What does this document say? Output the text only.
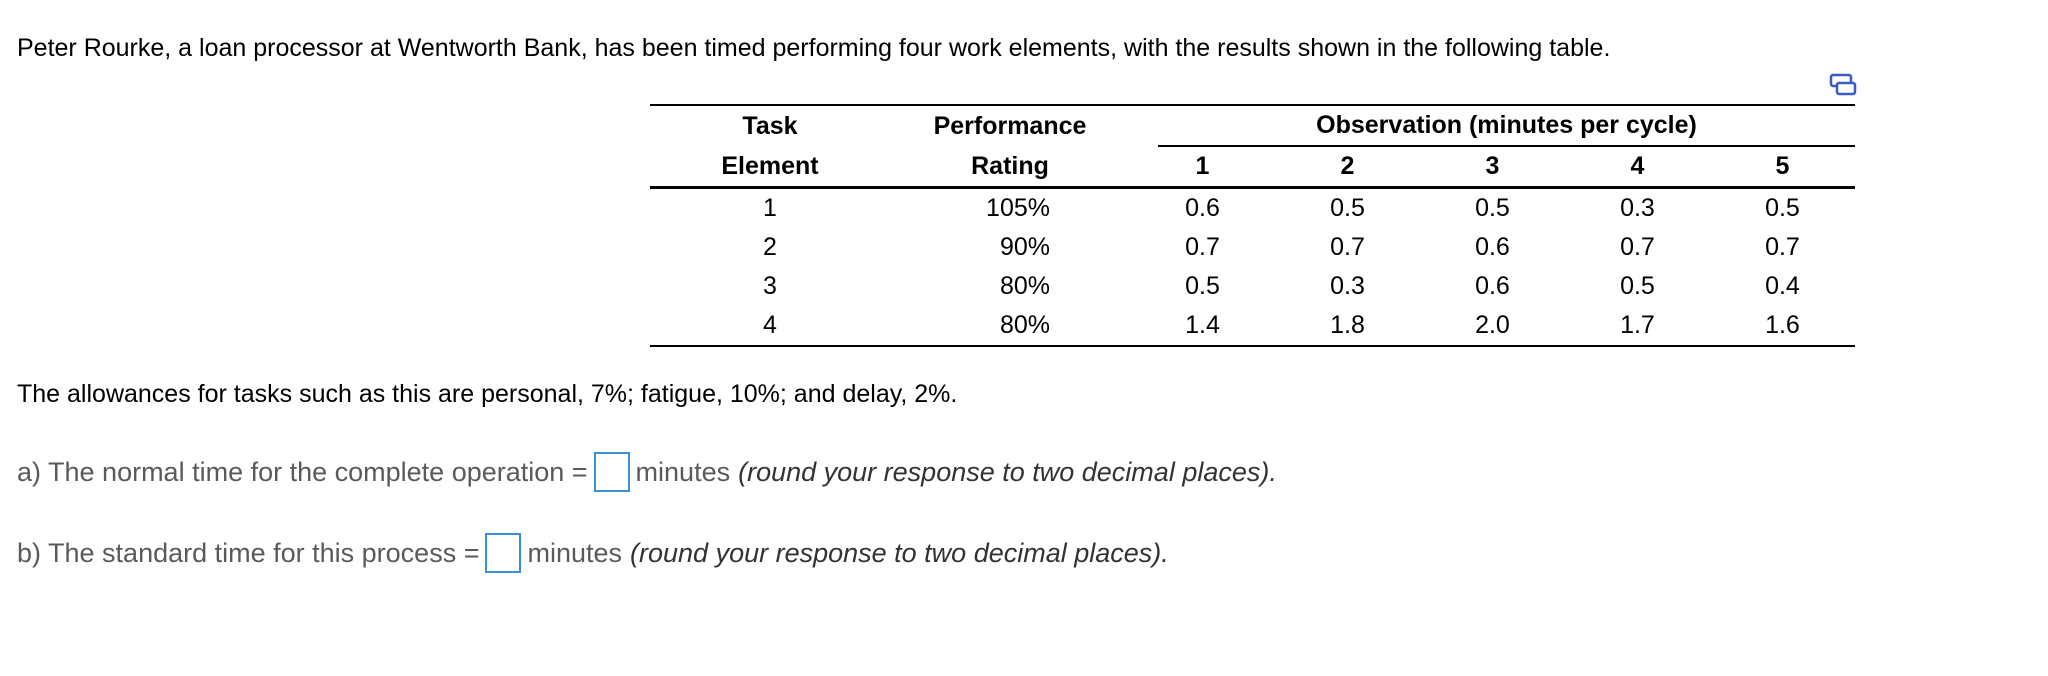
Peter Rourke, a loan processor at Wentworth Bank, has been timed performing four work elements, with the results shown in the following table.
Task	Performance	Observation (minutes per cycle)				

Element	Rating	1	2	3	4	5
1	105%	0.6	0.5	0.5	0.3	0.5
2	90%	0.7	0.7	0.6	0.7	0.7
3	80%	0.5	0.3	0.6	0.5	0.4
4	80%	1.4	1.8	2.0	1.7	1.6
The allowances for tasks such as this are personal, 7%; fatigue, 10%; and delay, 2%.
a) The normal time for the complete operation = minutes (round your response to two decimal places).
b) The standard time for this process = minutes (round your response to two decimal places).
